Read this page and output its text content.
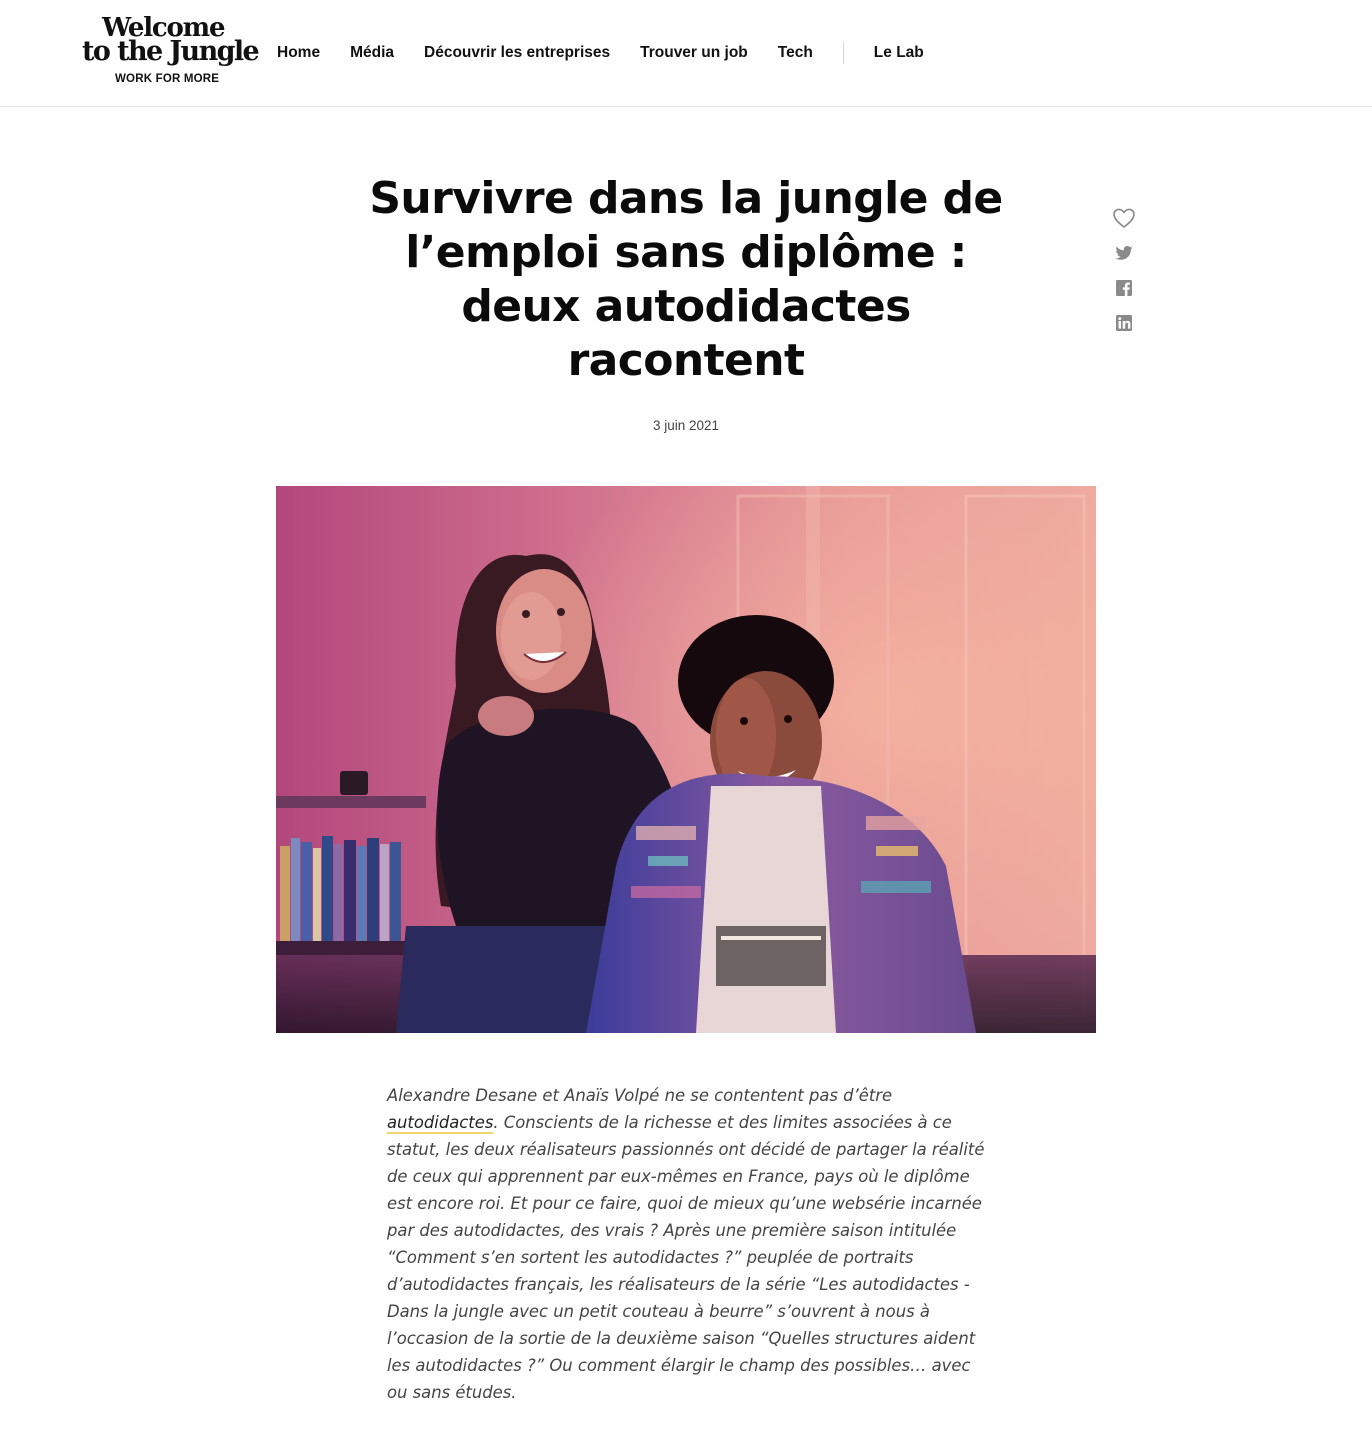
Welcome
to the Jungle
WORK FOR MORE
Home Média Découvrir les entreprises Trouver un job Tech	Le Lab
Survivre dans la jungle de l’emploi sans diplôme : deux autodidactes racontent
3 juin 2021

Alexandre Desane et Anaïs Volpé ne se contentent pas d’être autodidactes. Conscients de la richesse et des limites associées à ce statut, les deux réalisateurs passionnés ont décidé de partager la réalité de ceux qui apprennent par eux-mêmes en France, pays où le diplôme est encore roi. Et pour ce faire, quoi de mieux qu’une websérie incarnée par des autodidactes, des vrais ? Après une première saison intitulée “Comment s’en sortent les autodidactes ?” peuplée de portraits d’autodidactes français, les réalisateurs de la série “Les autodidactes - Dans la jungle avec un petit couteau à beurre” s’ouvrent à nous à l’occasion de la sortie de la deuxième saison “Quelles structures aident les autodidactes ?” Ou comment élargir le champ des possibles… avec ou sans études.
